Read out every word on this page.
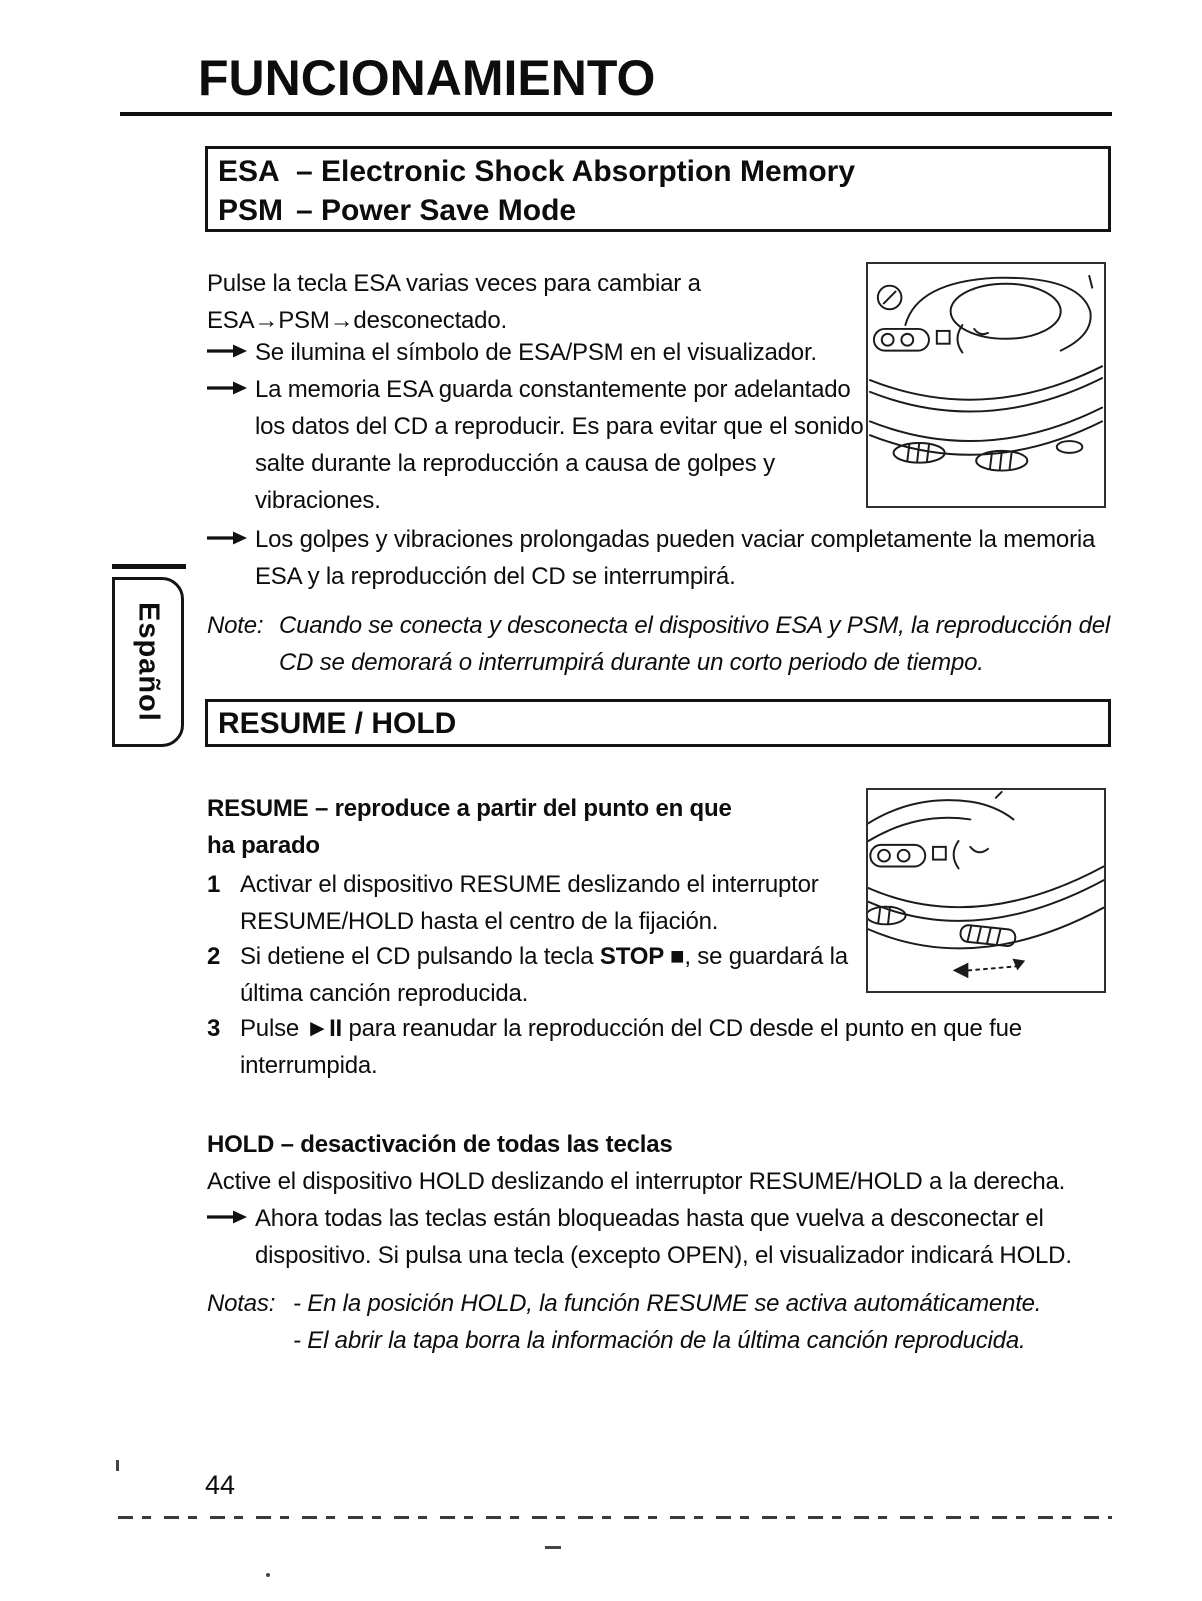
FUNCIONAMIENTO
ESA – Electronic Shock Absorption Memory
PSM – Power Save Mode
Pulse la tecla ESA varias veces para cambiar a
ESA→PSM→desconectado.
Se ilumina el símbolo de ESA/PSM en el visualizador.
La memoria ESA guarda constantemente por adelantado los datos del CD a reproducir. Es para evitar que el sonido salte durante la reproducción a causa de golpes y vibraciones.
Los golpes y vibraciones prolongadas pueden vaciar completamente la memoria ESA y la reproducción del CD se interrumpirá.
Note: Cuando se conecta y desconecta el dispositivo ESA y PSM, la reproducción del CD se demorará o interrumpirá durante un corto periodo de tiempo.
Español
RESUME / HOLD
RESUME – reproduce a partir del punto en que
ha parado
1 Activar el dispositivo RESUME deslizando el interruptor RESUME/HOLD hasta el centro de la fijación.
2 Si detiene el CD pulsando la tecla STOP ■, se guardará la última canción reproducida.
3 Pulse ►II para reanudar la reproducción del CD desde el punto en que fue interrumpida.
HOLD – desactivación de todas las teclas
Active el dispositivo HOLD deslizando el interruptor RESUME/HOLD a la derecha.
Ahora todas las teclas están bloqueadas hasta que vuelva a desconectar el dispositivo. Si pulsa una tecla (excepto OPEN), el visualizador indicará HOLD.
Notas: - En la posición HOLD, la función RESUME se activa automáticamente.
- El abrir la tapa borra la información de la última canción reproducida.
44
